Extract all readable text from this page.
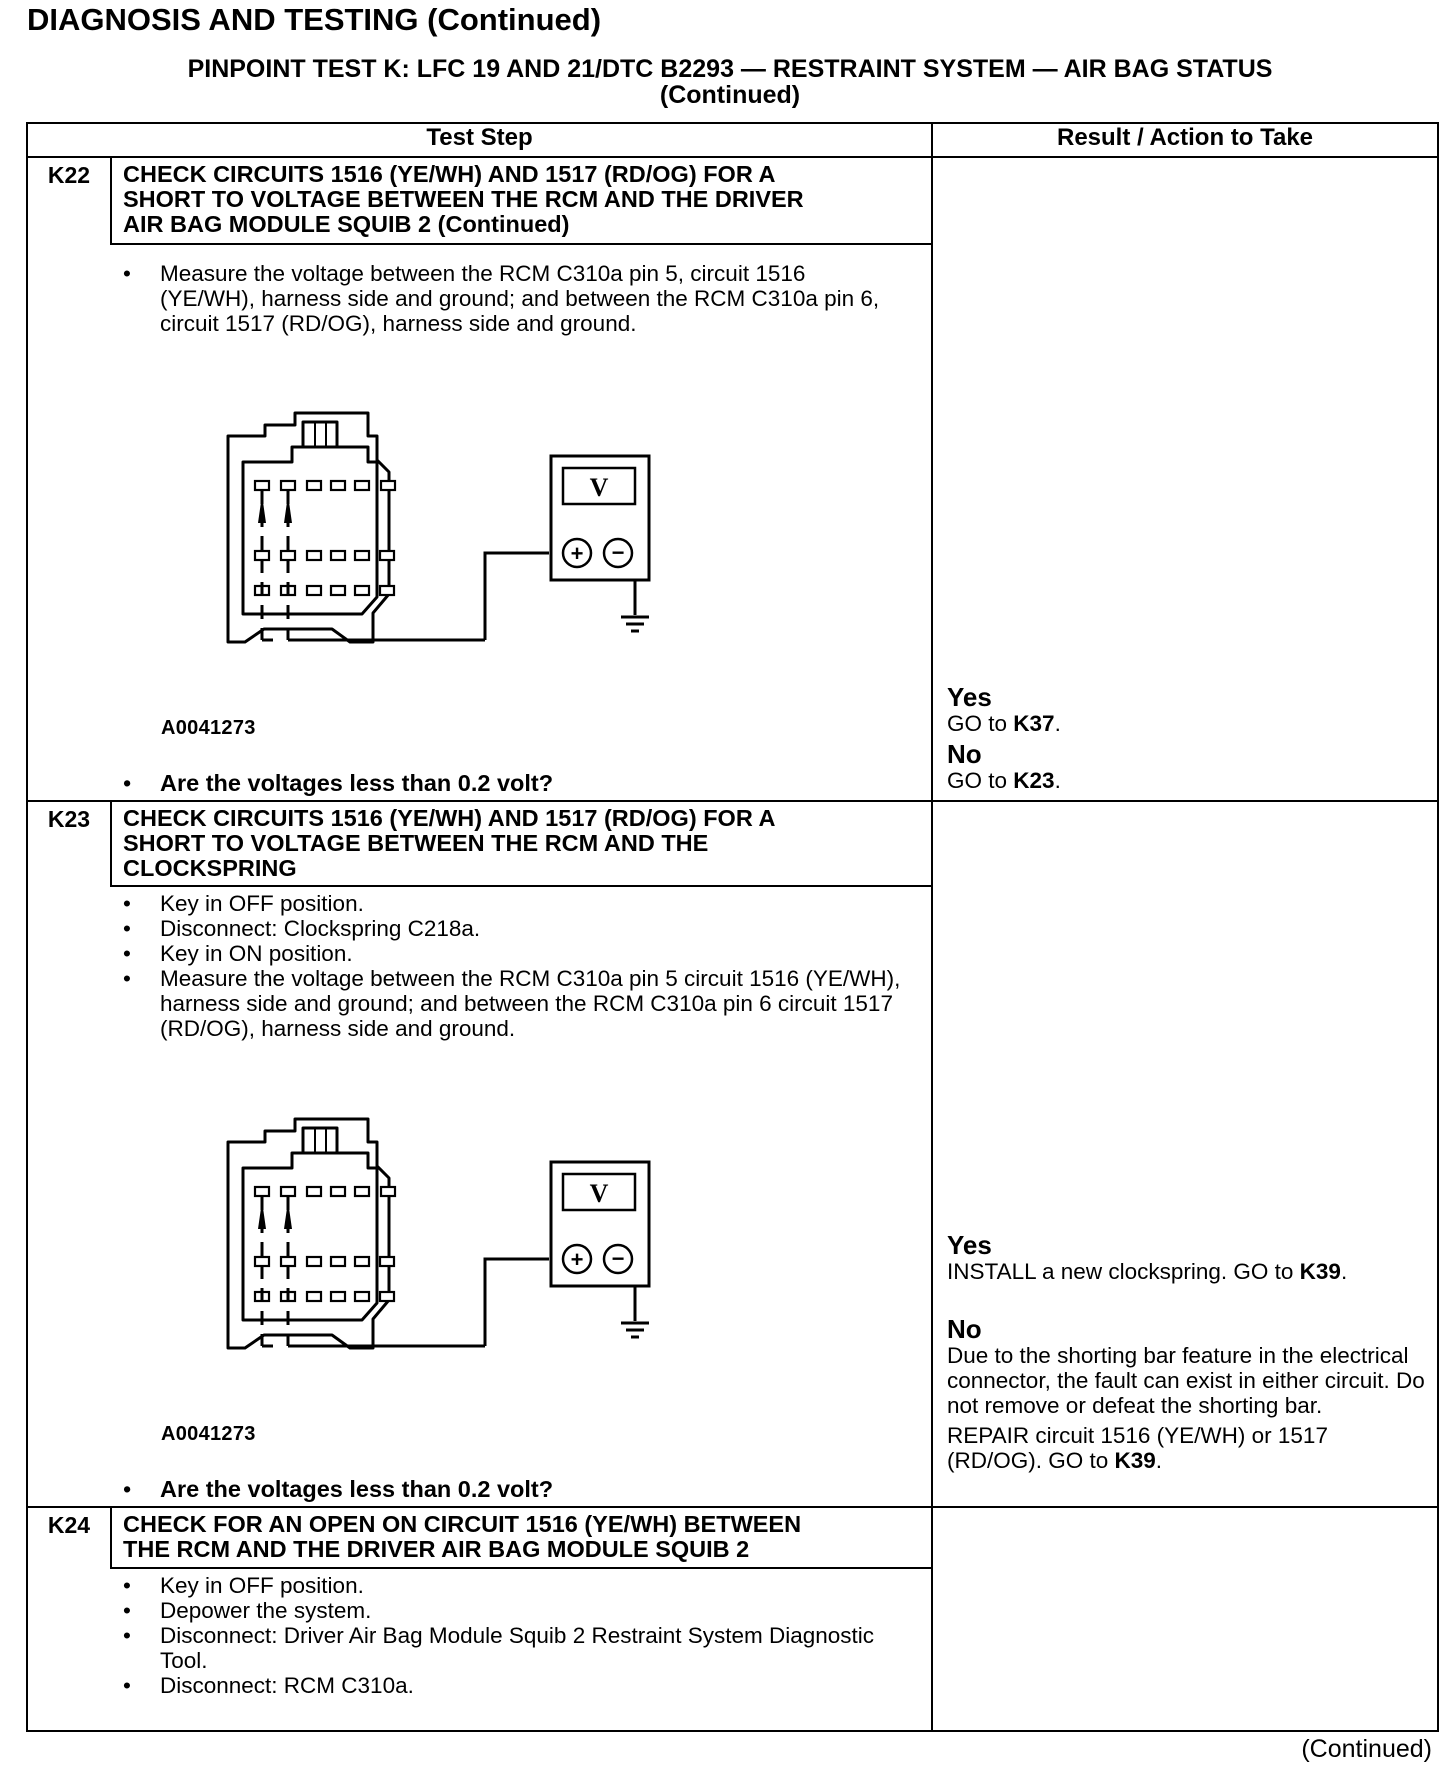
DIAGNOSIS AND TESTING (Continued)
PINPOINT TEST K: LFC 19 AND 21/DTC B2293 — RESTRAINT SYSTEM — AIR BAG STATUS
(Continued)
Test Step	Result / Action to Take
K22	CHECK CIRCUITS 1516 (YE/WH) AND 1517 (RD/OG) FOR A
SHORT TO VOLTAGE BETWEEN THE RCM AND THE DRIVER
AIR BAG MODULE SQUIB 2 (Continued)
• Measure the voltage between the RCM C310a pin 5, circuit 1516 (YE/WH), harness side and ground; and between the RCM C310a pin 6, circuit 1517 (RD/OG), harness side and ground.
V
+ −
A0041273
• Are the voltages less than 0.2 volt?
Yes
GO to K37.
No
GO to K23.
K23	CHECK CIRCUITS 1516 (YE/WH) AND 1517 (RD/OG) FOR A
SHORT TO VOLTAGE BETWEEN THE RCM AND THE
CLOCKSPRING
• Key in OFF position.
• Disconnect: Clockspring C218a.
• Key in ON position.
• Measure the voltage between the RCM C310a pin 5 circuit 1516 (YE/WH), harness side and ground; and between the RCM C310a pin 6 circuit 1517 (RD/OG), harness side and ground.
V
+ −
A0041273
• Are the voltages less than 0.2 volt?
Yes
INSTALL a new clockspring. GO to K39.
No
Due to the shorting bar feature in the electrical connector, the fault can exist in either circuit. Do not remove or defeat the shorting bar.
REPAIR circuit 1516 (YE/WH) or 1517 (RD/OG). GO to K39.
K24	CHECK FOR AN OPEN ON CIRCUIT 1516 (YE/WH) BETWEEN
THE RCM AND THE DRIVER AIR BAG MODULE SQUIB 2
• Key in OFF position.
• Depower the system.
• Disconnect: Driver Air Bag Module Squib 2 Restraint System Diagnostic Tool.
• Disconnect: RCM C310a.
(Continued)
